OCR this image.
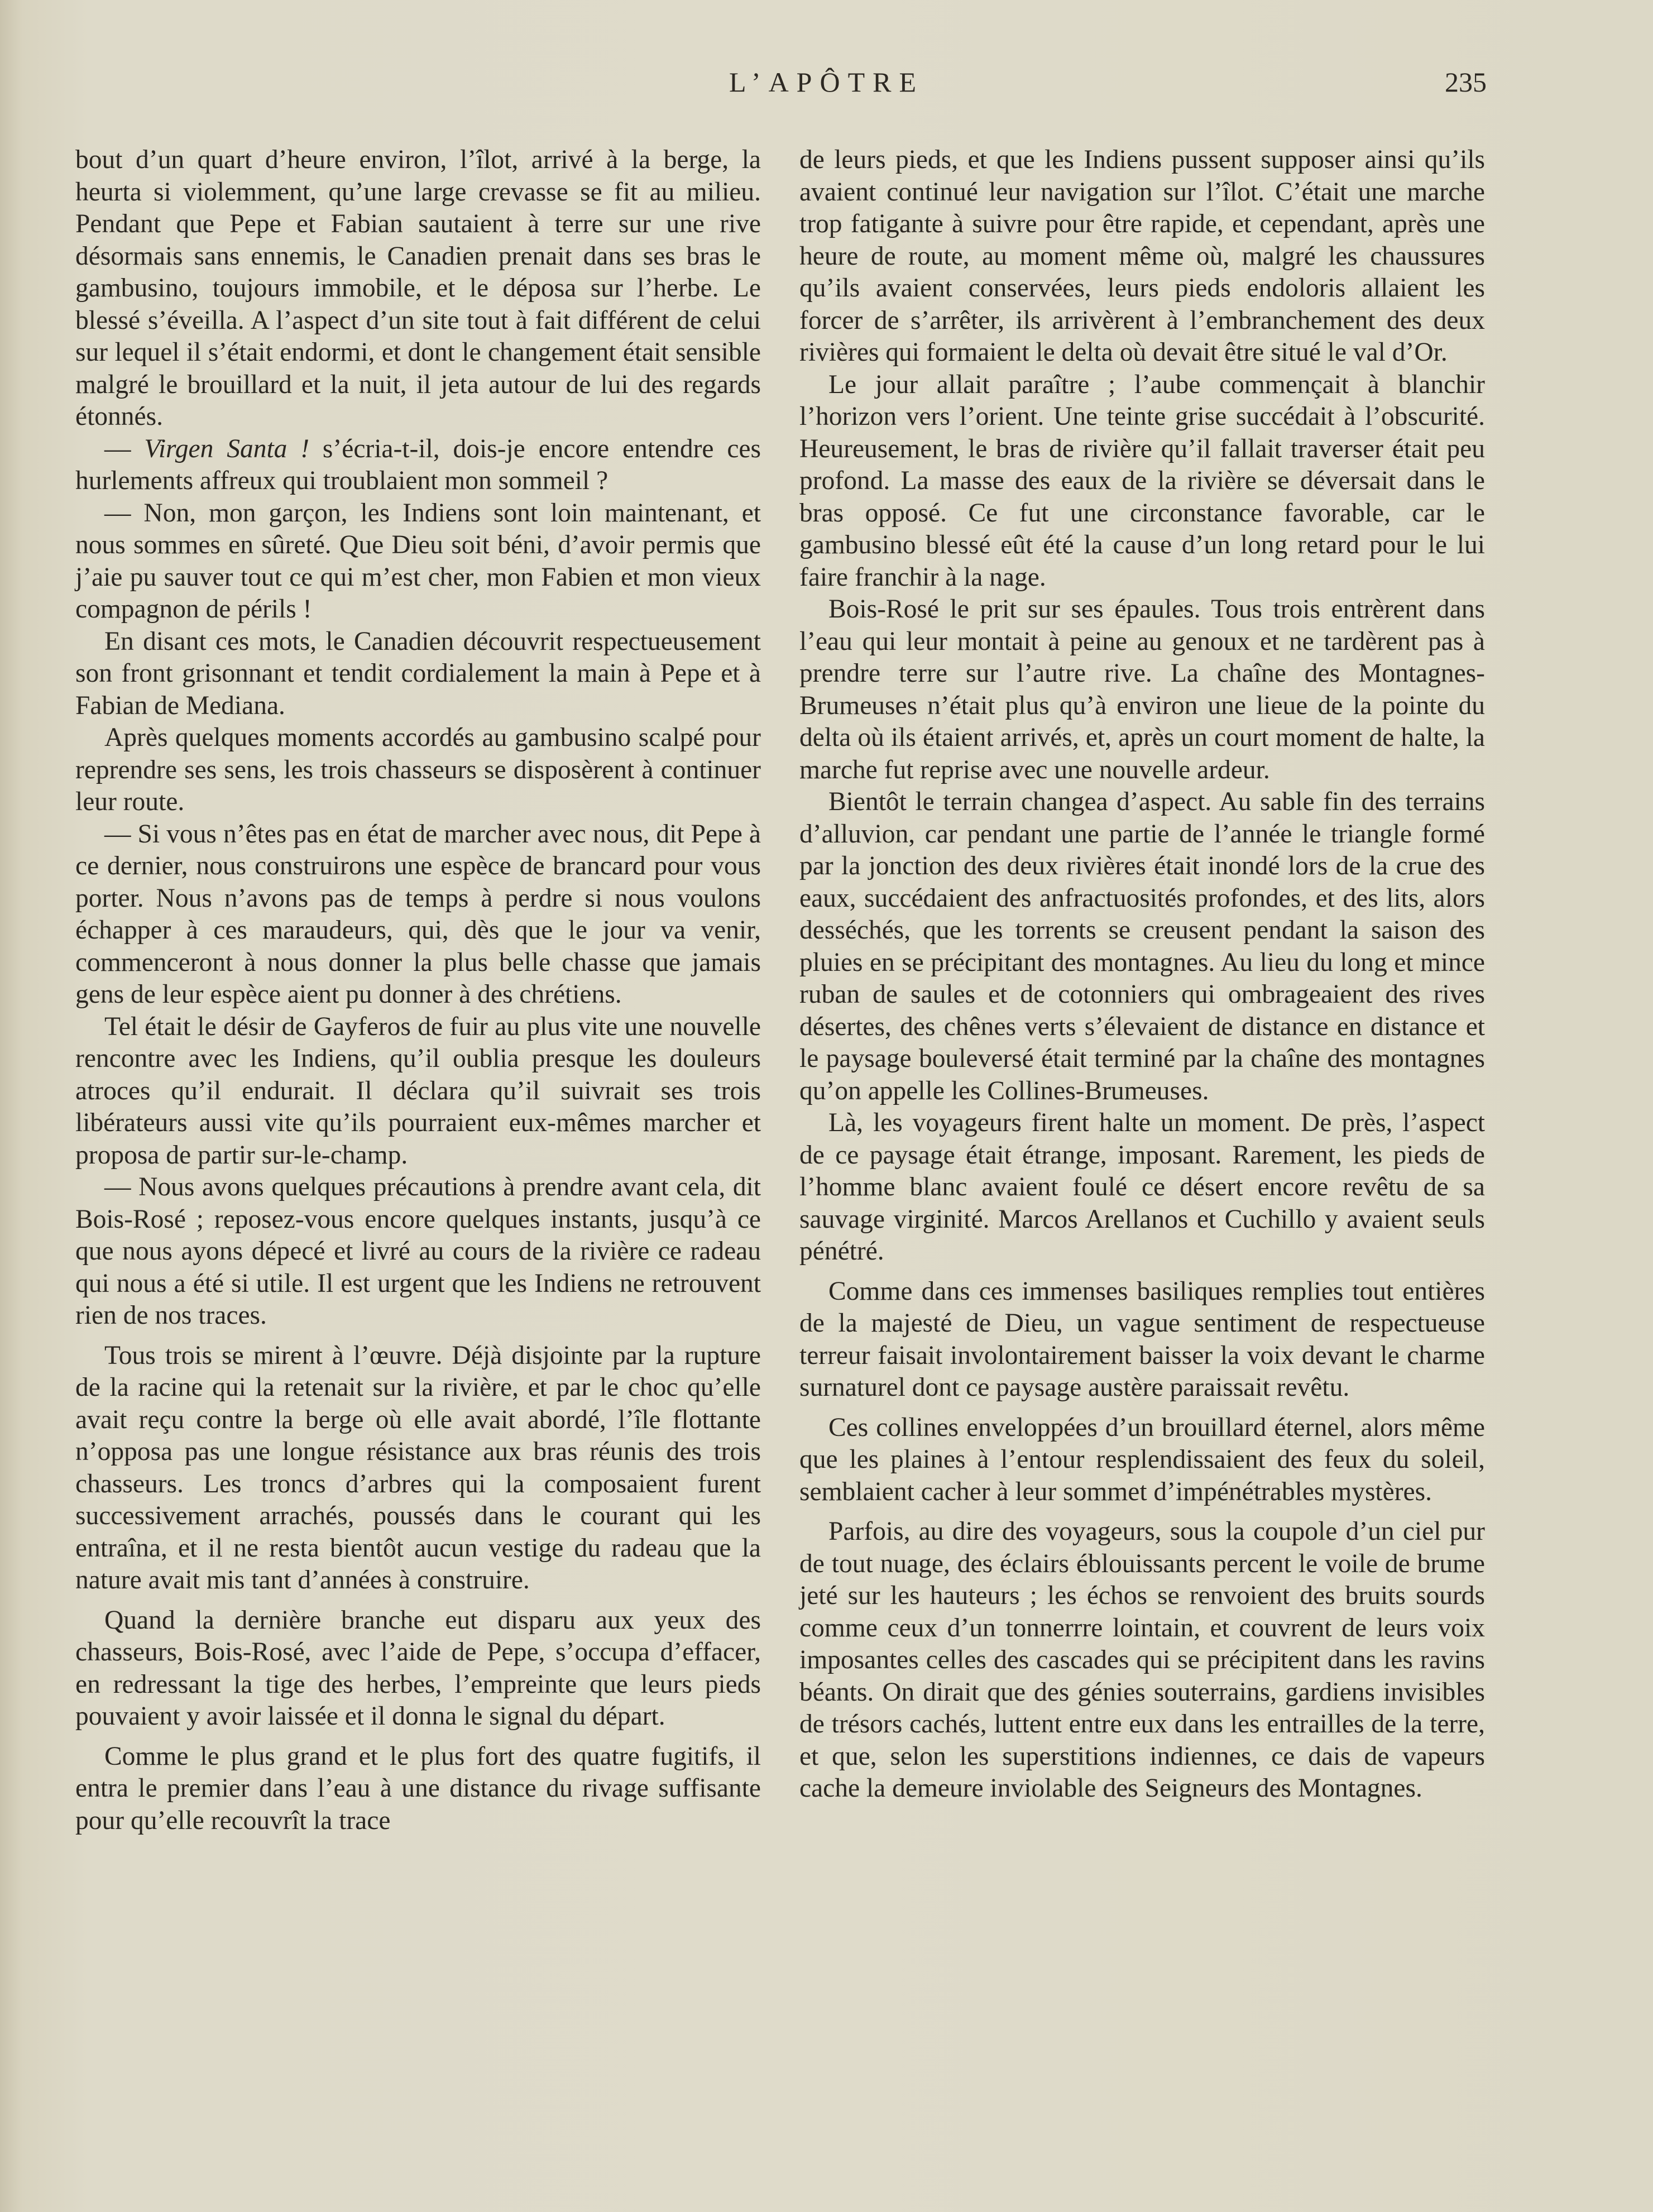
L’APÔTRE	235

bout d’un quart d’heure environ, l’îlot, arrivé à la berge, la heurta si violemment, qu’une large crevasse se fit au milieu. Pendant que Pepe et Fabian sautaient à terre sur une rive désormais sans ennemis, le Canadien prenait dans ses bras le gambusino, toujours immobile, et le déposa sur l’herbe. Le blessé s’éveilla. A l’aspect d’un site tout à fait différent de celui sur lequel il s’était endormi, et dont le changement était sensible malgré le brouillard et la nuit, il jeta autour de lui des regards étonnés.

— Virgen Santa ! s’écria-t-il, dois-je encore entendre ces hurlements affreux qui troublaient mon sommeil ?

— Non, mon garçon, les Indiens sont loin maintenant, et nous sommes en sûreté. Que Dieu soit béni, d’avoir permis que j’aie pu sauver tout ce qui m’est cher, mon Fabien et mon vieux compagnon de périls !

En disant ces mots, le Canadien découvrit respectueusement son front grisonnant et tendit cordialement la main à Pepe et à Fabian de Mediana.

Après quelques moments accordés au gambusino scalpé pour reprendre ses sens, les trois chasseurs se disposèrent à continuer leur route.

— Si vous n’êtes pas en état de marcher avec nous, dit Pepe à ce dernier, nous construirons une espèce de brancard pour vous porter. Nous n’avons pas de temps à perdre si nous voulons échapper à ces maraudeurs, qui, dès que le jour va venir, commenceront à nous donner la plus belle chasse que jamais gens de leur espèce aient pu donner à des chrétiens.

Tel était le désir de Gayferos de fuir au plus vite une nouvelle rencontre avec les Indiens, qu’il oublia presque les douleurs atroces qu’il endurait. Il déclara qu’il suivrait ses trois libérateurs aussi vite qu’ils pourraient eux-mêmes marcher et proposa de partir sur-le-champ.

— Nous avons quelques précautions à prendre avant cela, dit Bois-Rosé ; reposez-vous encore quelques instants, jusqu’à ce que nous ayons dépecé et livré au cours de la rivière ce radeau qui nous a été si utile. Il est urgent que les Indiens ne retrouvent rien de nos traces.

Tous trois se mirent à l’œuvre. Déjà disjointe par la rupture de la racine qui la retenait sur la rivière, et par le choc qu’elle avait reçu contre la berge où elle avait abordé, l’île flottante n’opposa pas une longue résistance aux bras réunis des trois chasseurs. Les troncs d’arbres qui la composaient furent successivement arrachés, poussés dans le courant qui les entraîna, et il ne resta bientôt aucun vestige du radeau que la nature avait mis tant d’années à construire.

Quand la dernière branche eut disparu aux yeux des chasseurs, Bois-Rosé, avec l’aide de Pepe, s’occupa d’effacer, en redressant la tige des herbes, l’empreinte que leurs pieds pouvaient y avoir laissée et il donna le signal du départ.

Comme le plus grand et le plus fort des quatre fugitifs, il entra le premier dans l’eau à une distance du rivage suffisante pour qu’elle recouvrît la trace

de leurs pieds, et que les Indiens pussent supposer ainsi qu’ils avaient continué leur navigation sur l’îlot. C’était une marche trop fatigante à suivre pour être rapide, et cependant, après une heure de route, au moment même où, malgré les chaussures qu’ils avaient conservées, leurs pieds endoloris allaient les forcer de s’arrêter, ils arrivèrent à l’embranchement des deux rivières qui formaient le delta où devait être situé le val d’Or.

Le jour allait paraître ; l’aube commençait à blanchir l’horizon vers l’orient. Une teinte grise succédait à l’obscurité. Heureusement, le bras de rivière qu’il fallait traverser était peu profond. La masse des eaux de la rivière se déversait dans le bras opposé. Ce fut une circonstance favorable, car le gambusino blessé eût été la cause d’un long retard pour le lui faire franchir à la nage.

Bois-Rosé le prit sur ses épaules. Tous trois entrèrent dans l’eau qui leur montait à peine au genoux et ne tardèrent pas à prendre terre sur l’autre rive. La chaîne des Montagnes-Brumeuses n’était plus qu’à environ une lieue de la pointe du delta où ils étaient arrivés, et, après un court moment de halte, la marche fut reprise avec une nouvelle ardeur.

Bientôt le terrain changea d’aspect. Au sable fin des terrains d’alluvion, car pendant une partie de l’année le triangle formé par la jonction des deux rivières était inondé lors de la crue des eaux, succédaient des anfractuosités profondes, et des lits, alors desséchés, que les torrents se creusent pendant la saison des pluies en se précipitant des montagnes. Au lieu du long et mince ruban de saules et de cotonniers qui ombrageaient des rives désertes, des chênes verts s’élevaient de distance en distance et le paysage bouleversé était terminé par la chaîne des montagnes qu’on appelle les Collines-Brumeuses.

Là, les voyageurs firent halte un moment. De près, l’aspect de ce paysage était étrange, imposant. Rarement, les pieds de l’homme blanc avaient foulé ce désert encore revêtu de sa sauvage virginité. Marcos Arellanos et Cuchillo y avaient seuls pénétré.

Comme dans ces immenses basiliques remplies tout entières de la majesté de Dieu, un vague sentiment de respectueuse terreur faisait involontairement baisser la voix devant le charme surnaturel dont ce paysage austère paraissait revêtu.

Ces collines enveloppées d’un brouillard éternel, alors même que les plaines à l’entour resplendissaient des feux du soleil, semblaient cacher à leur sommet d’impénétrables mystères.

Parfois, au dire des voyageurs, sous la coupole d’un ciel pur de tout nuage, des éclairs éblouissants percent le voile de brume jeté sur les hauteurs ; les échos se renvoient des bruits sourds comme ceux d’un tonnerrre lointain, et couvrent de leurs voix imposantes celles des cascades qui se précipitent dans les ravins béants. On dirait que des génies souterrains, gardiens invisibles de trésors cachés, luttent entre eux dans les entrailles de la terre, et que, selon les superstitions indiennes, ce dais de vapeurs cache la demeure inviolable des Seigneurs des Montagnes.
